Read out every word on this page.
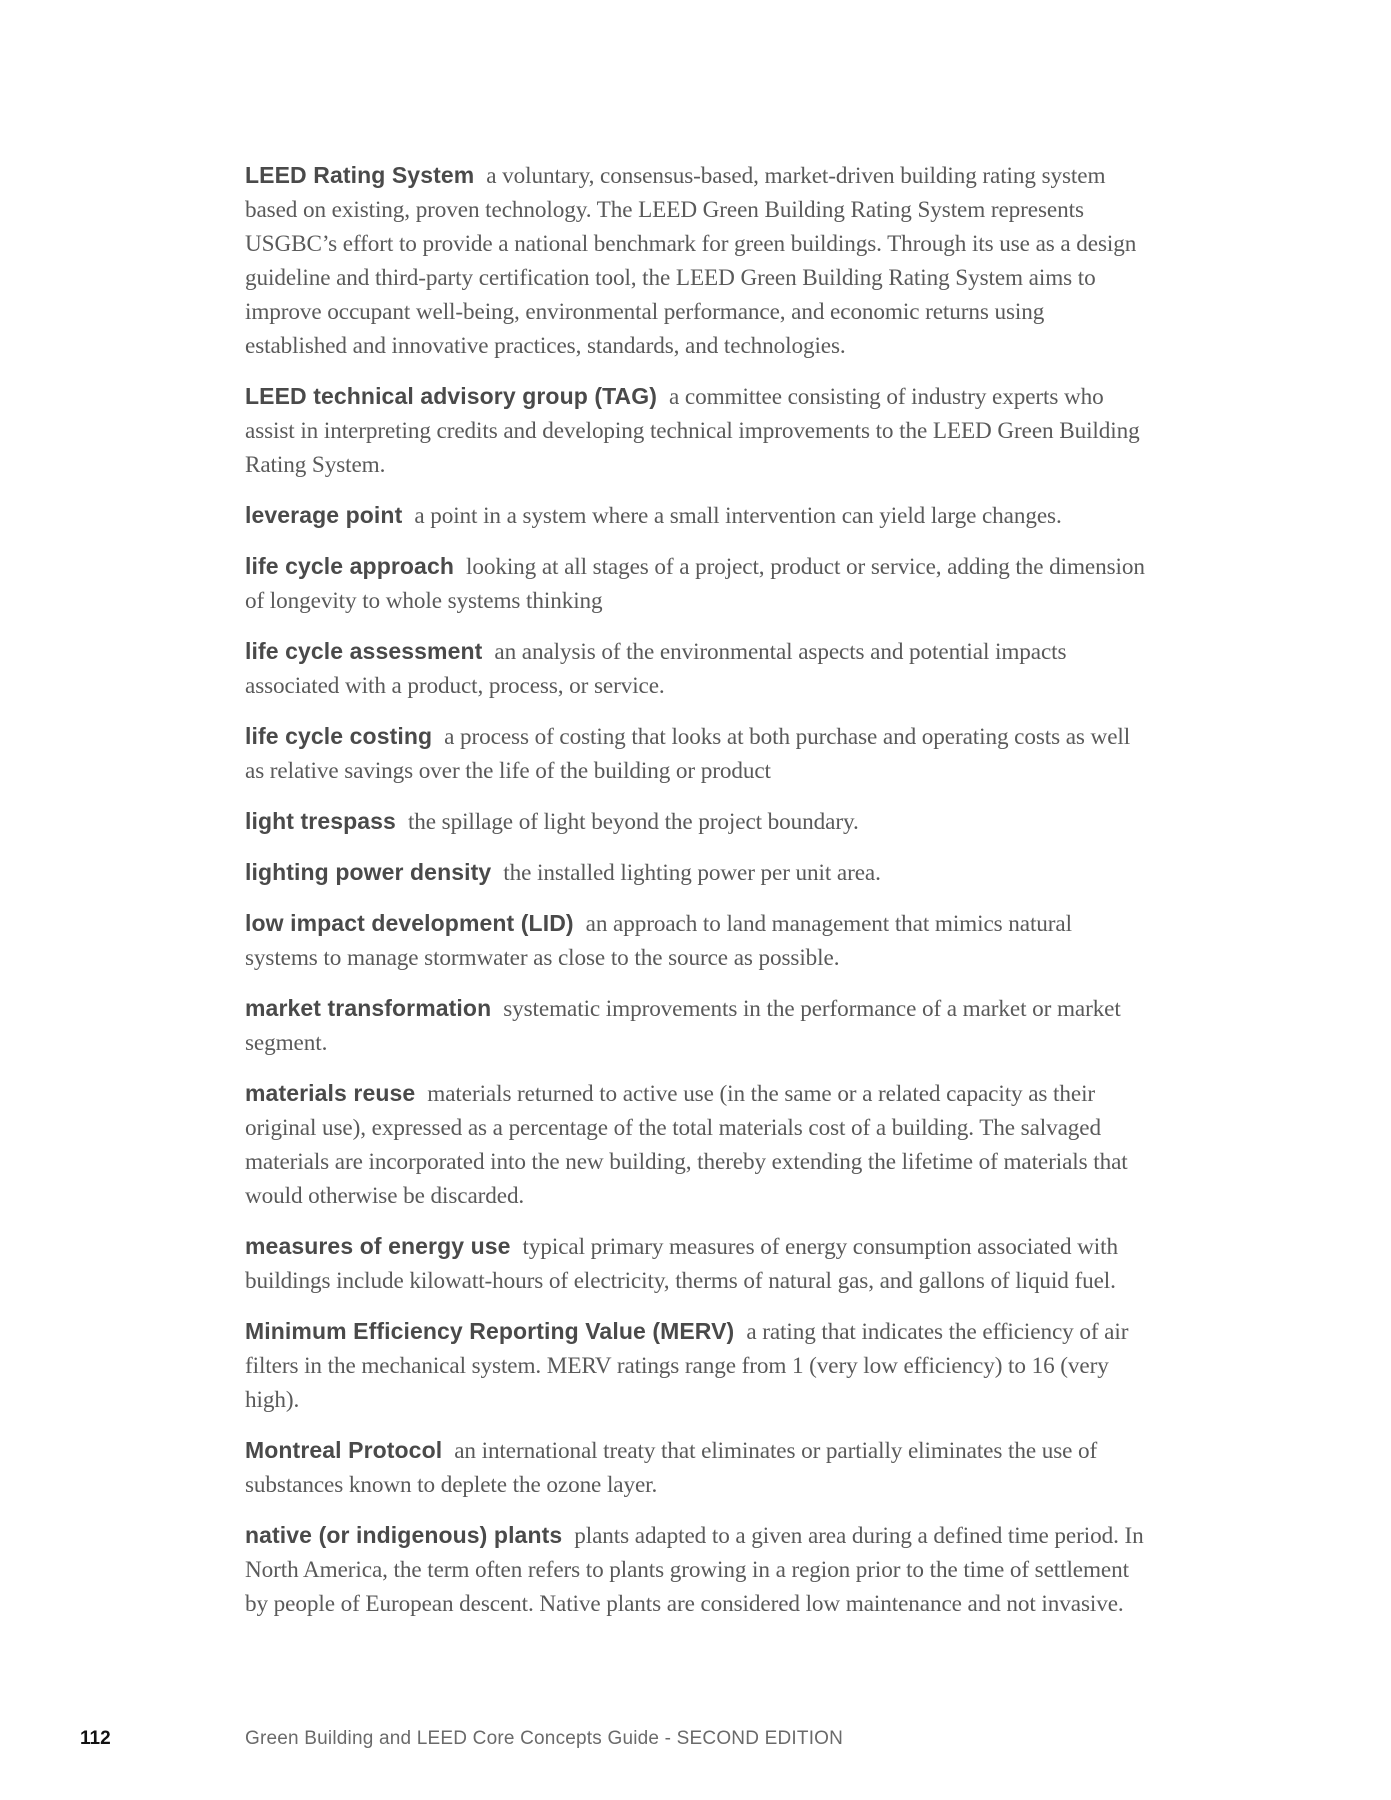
LEED Rating System a voluntary, consensus-based, market-driven building rating system based on existing, proven technology. The LEED Green Building Rating System represents USGBC’s effort to provide a national benchmark for green buildings. Through its use as a design guideline and third-party certification tool, the LEED Green Building Rating System aims to improve occupant well-being, environmental performance, and economic returns using established and innovative practices, standards, and technologies.

LEED technical advisory group (TAG) a committee consisting of industry experts who assist in interpreting credits and developing technical improvements to the LEED Green Building Rating System.

leverage point a point in a system where a small intervention can yield large changes.

life cycle approach looking at all stages of a project, product or service, adding the dimension of longevity to whole systems thinking

life cycle assessment an analysis of the environmental aspects and potential impacts associated with a product, process, or service.

life cycle costing a process of costing that looks at both purchase and operating costs as well as relative savings over the life of the building or product

light trespass the spillage of light beyond the project boundary.

lighting power density the installed lighting power per unit area.

low impact development (LID) an approach to land management that mimics natural systems to manage stormwater as close to the source as possible.

market transformation systematic improvements in the performance of a market or market segment.

materials reuse materials returned to active use (in the same or a related capacity as their original use), expressed as a percentage of the total materials cost of a building. The salvaged materials are incorporated into the new building, thereby extending the lifetime of materials that would otherwise be discarded.

measures of energy use typical primary measures of energy consumption associated with buildings include kilowatt-hours of electricity, therms of natural gas, and gallons of liquid fuel.

Minimum Efficiency Reporting Value (MERV) a rating that indicates the efficiency of air filters in the mechanical system. MERV ratings range from 1 (very low efficiency) to 16 (very high).

Montreal Protocol an international treaty that eliminates or partially eliminates the use of substances known to deplete the ozone layer.

native (or indigenous) plants plants adapted to a given area during a defined time period. In North America, the term often refers to plants growing in a region prior to the time of settlement by people of European descent. Native plants are considered low maintenance and not invasive.

112	Green Building and LEED Core Concepts Guide - SECOND EDITION
